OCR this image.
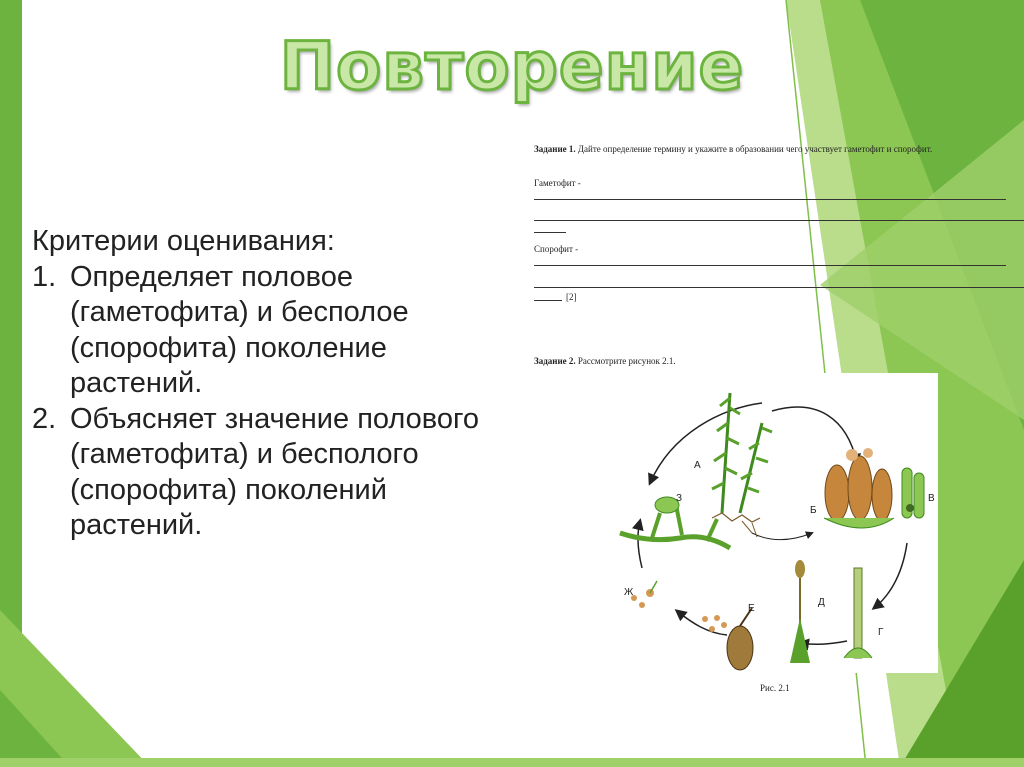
Повторение
Критерии оценивания:
1. Определяет половое (гаметофита) и бесполое (спорофита) поколение растений.
2. Объясняет значение полового (гаметофита) и бесполого (спорофита) поколений растений.
Задание 1. Дайте определение термину и укажите в образовании чего участвует гаметофит и спорофит.
Гаметофит -
Спорофит -
[2]
Задание 2. Рассмотрите рисунок 2.1.
А
Б
В
Г
Д
Е
Ж
З
Рис. 2.1
